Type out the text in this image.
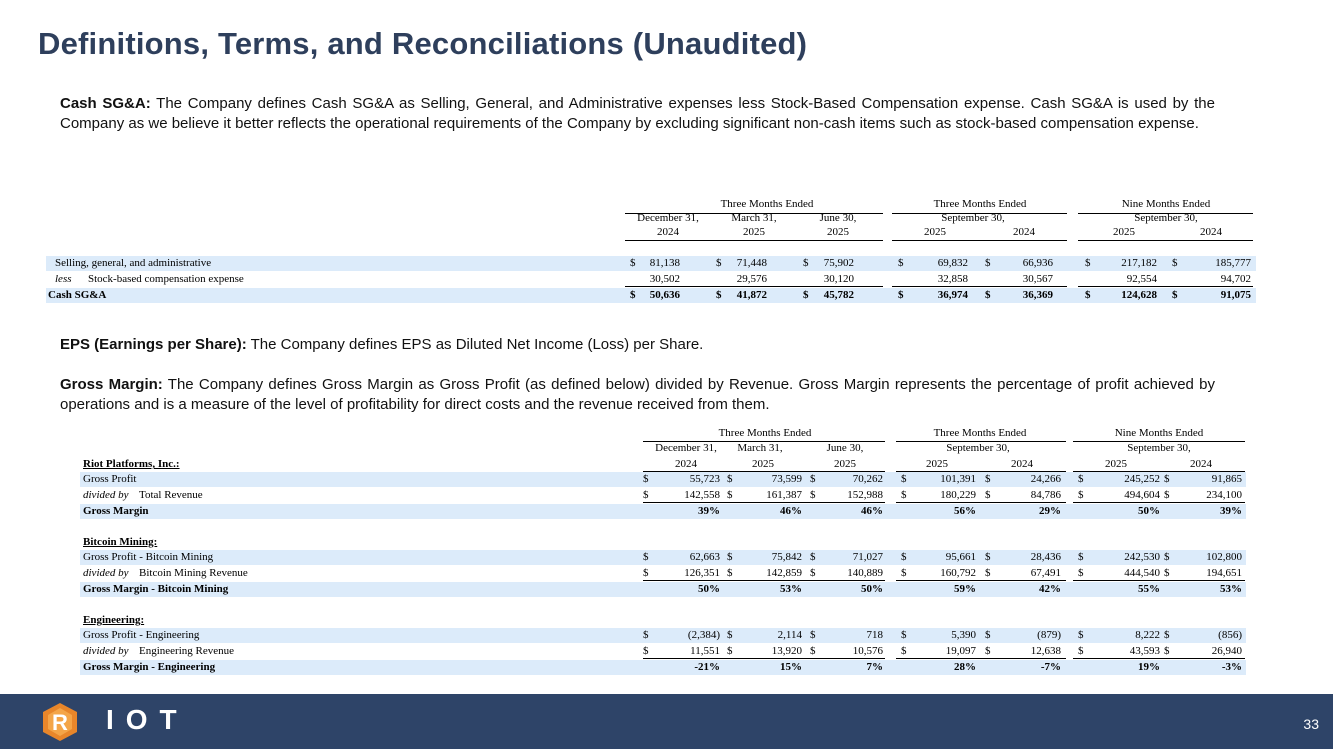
Definitions, Terms, and Reconciliations (Unaudited)
Cash SG&A: The Company defines Cash SG&A as Selling, General, and Administrative expenses less Stock-Based Compensation expense. Cash SG&A is used by the Company as we believe it better reflects the operational requirements of the Company by excluding significant non-cash items such as stock-based compensation expense.
EPS (Earnings per Share): The Company defines EPS as Diluted Net Income (Loss) per Share.
Gross Margin: The Company defines Gross Margin as Gross Profit (as defined below) divided by Revenue. Gross Margin represents the percentage of profit achieved by operations and is a measure of the level of profitability for direct costs and the revenue received from them.
Three Months Ended	Three Months Ended	Nine Months Ended
December 31,	March 31,	June 30,	September 30,	September 30,
2024	2025	2025	2025	2024	2025	2024
Selling, general, and administrative	$	81,138	$	71,448	$	75,902	$	69,832 $	66,936	$	217,182 $	185,777
less Stock-based compensation expense	30,502	29,576	30,120	32,858	30,567	92,554	94,702
Cash SG&A	$	50,636	$	41,872	$	45,782	$	36,974 $	36,369	$	124,628 $	91,075
Three Months Ended	Three Months Ended	Nine Months Ended
December 31,	March 31,	June 30,	September 30,	September 30,
Riot Platforms, Inc.:	2024	2025	2025	2025	2024	2025	2024
Gross Profit	$	55,723 $	73,599 $	70,262 $	101,391 $	24,266 $	245,252 $	91,865
divided by Total Revenue	$	142,558 $	161,387 $	152,988 $	180,229 $	84,786 $	494,604 $	234,100
Gross Margin	39%	46%	46%	56%	29%	50%	39%
Bitcoin Mining:
Gross Profit - Bitcoin Mining	$	62,663 $	75,842 $	71,027 $	95,661 $	28,436 $	242,530 $	102,800
divided by Bitcoin Mining Revenue	$	126,351 $	142,859 $	140,889 $	160,792 $	67,491 $	444,540 $	194,651
Gross Margin - Bitcoin Mining	50%	53%	50%	59%	42%	55%	53%
Engineering:
Gross Profit - Engineering	$	(2,384) $	2,114 $	718 $	5,390 $	(879) $	8,222 $	(856)
divided by Engineering Revenue	$	11,551 $	13,920 $	10,576 $	19,097 $	12,638 $	43,593 $	26,940
Gross Margin - Engineering	-21%	15%	7%	28%	-7%	19%	-3%
R IOT	33
